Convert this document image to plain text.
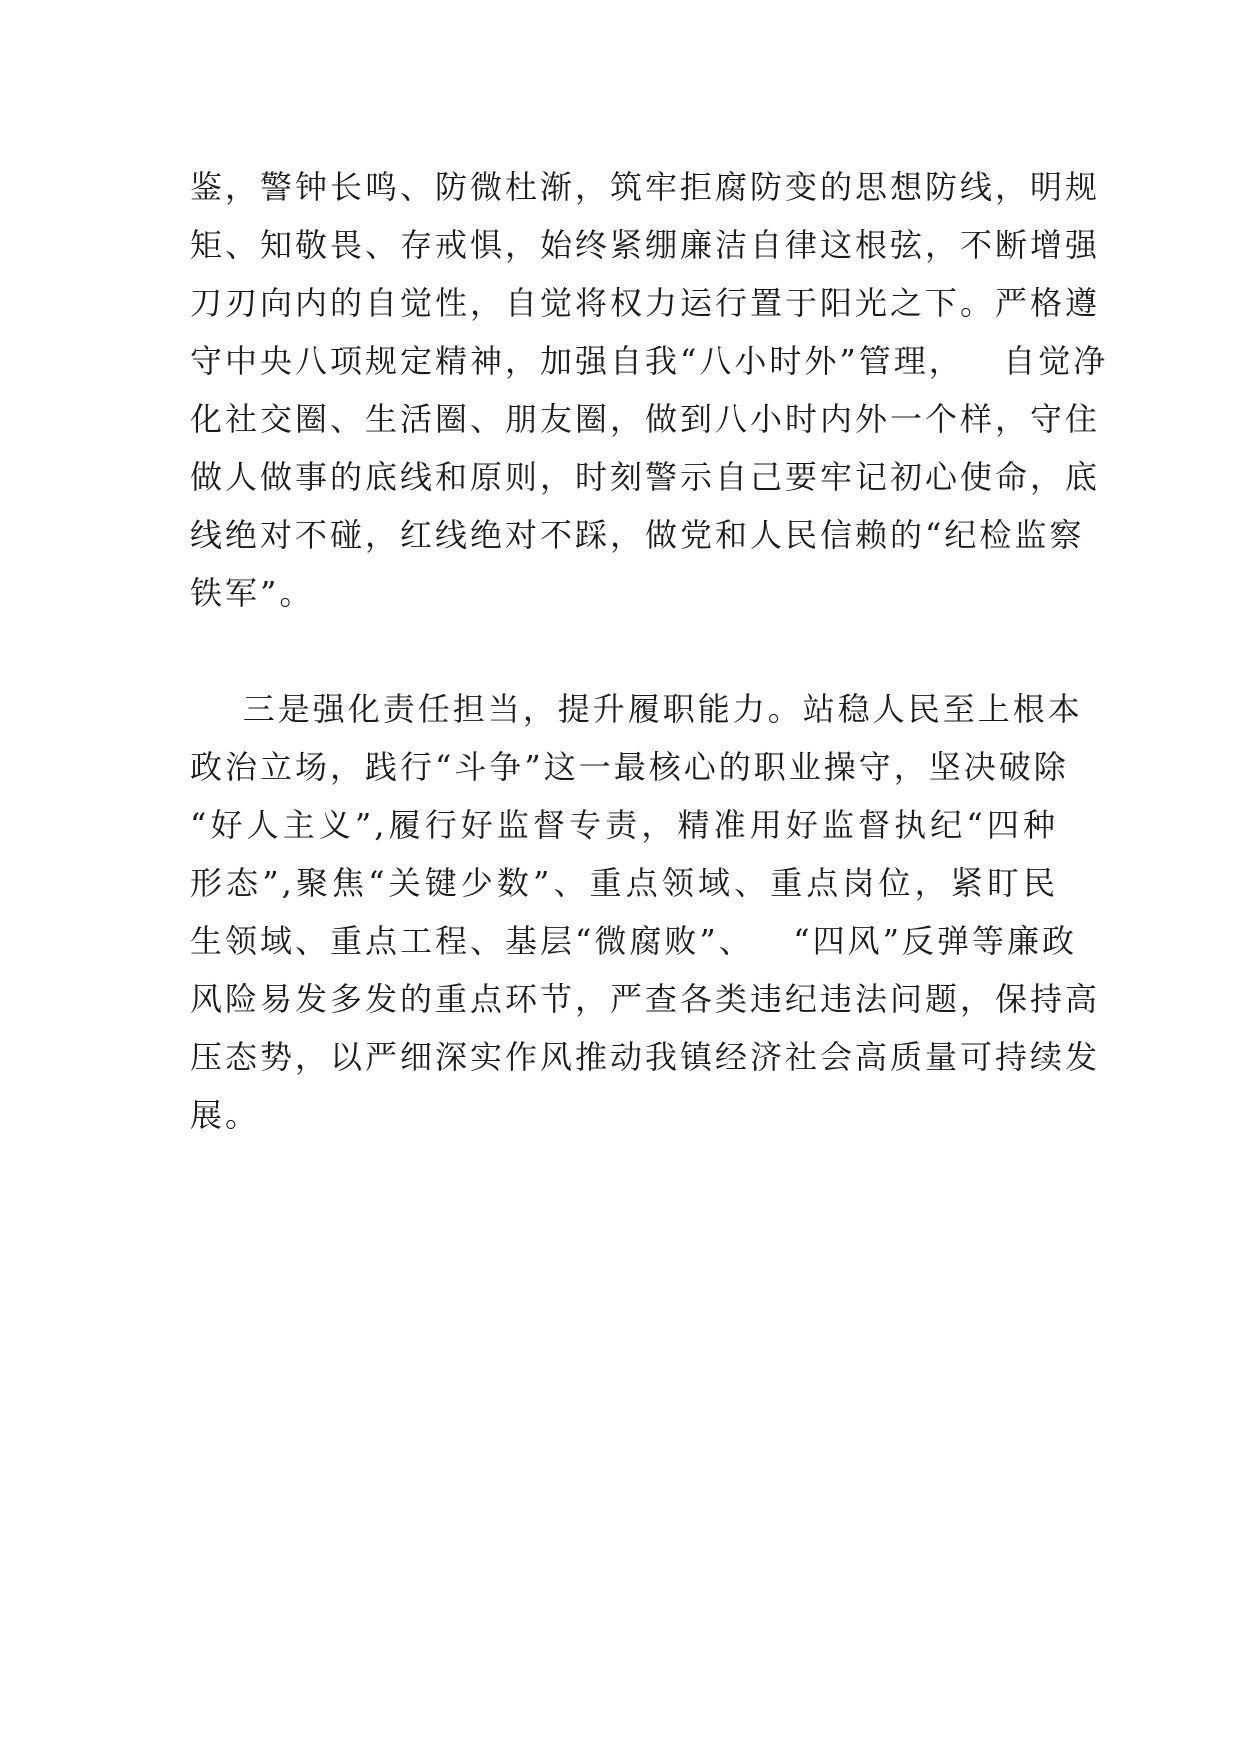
鉴，警钟长鸣、防微杜渐，筑牢拒腐防变的思想防线，明规
矩、知敬畏、存戒惧，始终紧绷廉洁自律这根弦，不断增强
刀刃向内的自觉性，自觉将权力运行置于阳光之下。严格遵
守中央八项规定精神，加强自我“八小时外”管理，   自觉净
化社交圈、生活圈、朋友圈，做到八小时内外一个样，守住
做人做事的底线和原则，时刻警示自己要牢记初心使命，底
线绝对不碰，红线绝对不踩，做党和人民信赖的“纪检监察
铁军”。
三是强化责任担当，提升履职能力。站稳人民至上根本
政治立场，践行“斗争”这一最核心的职业操守，坚决破除
“好人主义”,履行好监督专责，精准用好监督执纪“四种
形态”,聚焦“关键少数”、重点领域、重点岗位，紧盯民
生领域、重点工程、基层“微腐败”、   “四风”反弹等廉政
风险易发多发的重点环节，严查各类违纪违法问题，保持高
压态势，以严细深实作风推动我镇经济社会高质量可持续发
展。
